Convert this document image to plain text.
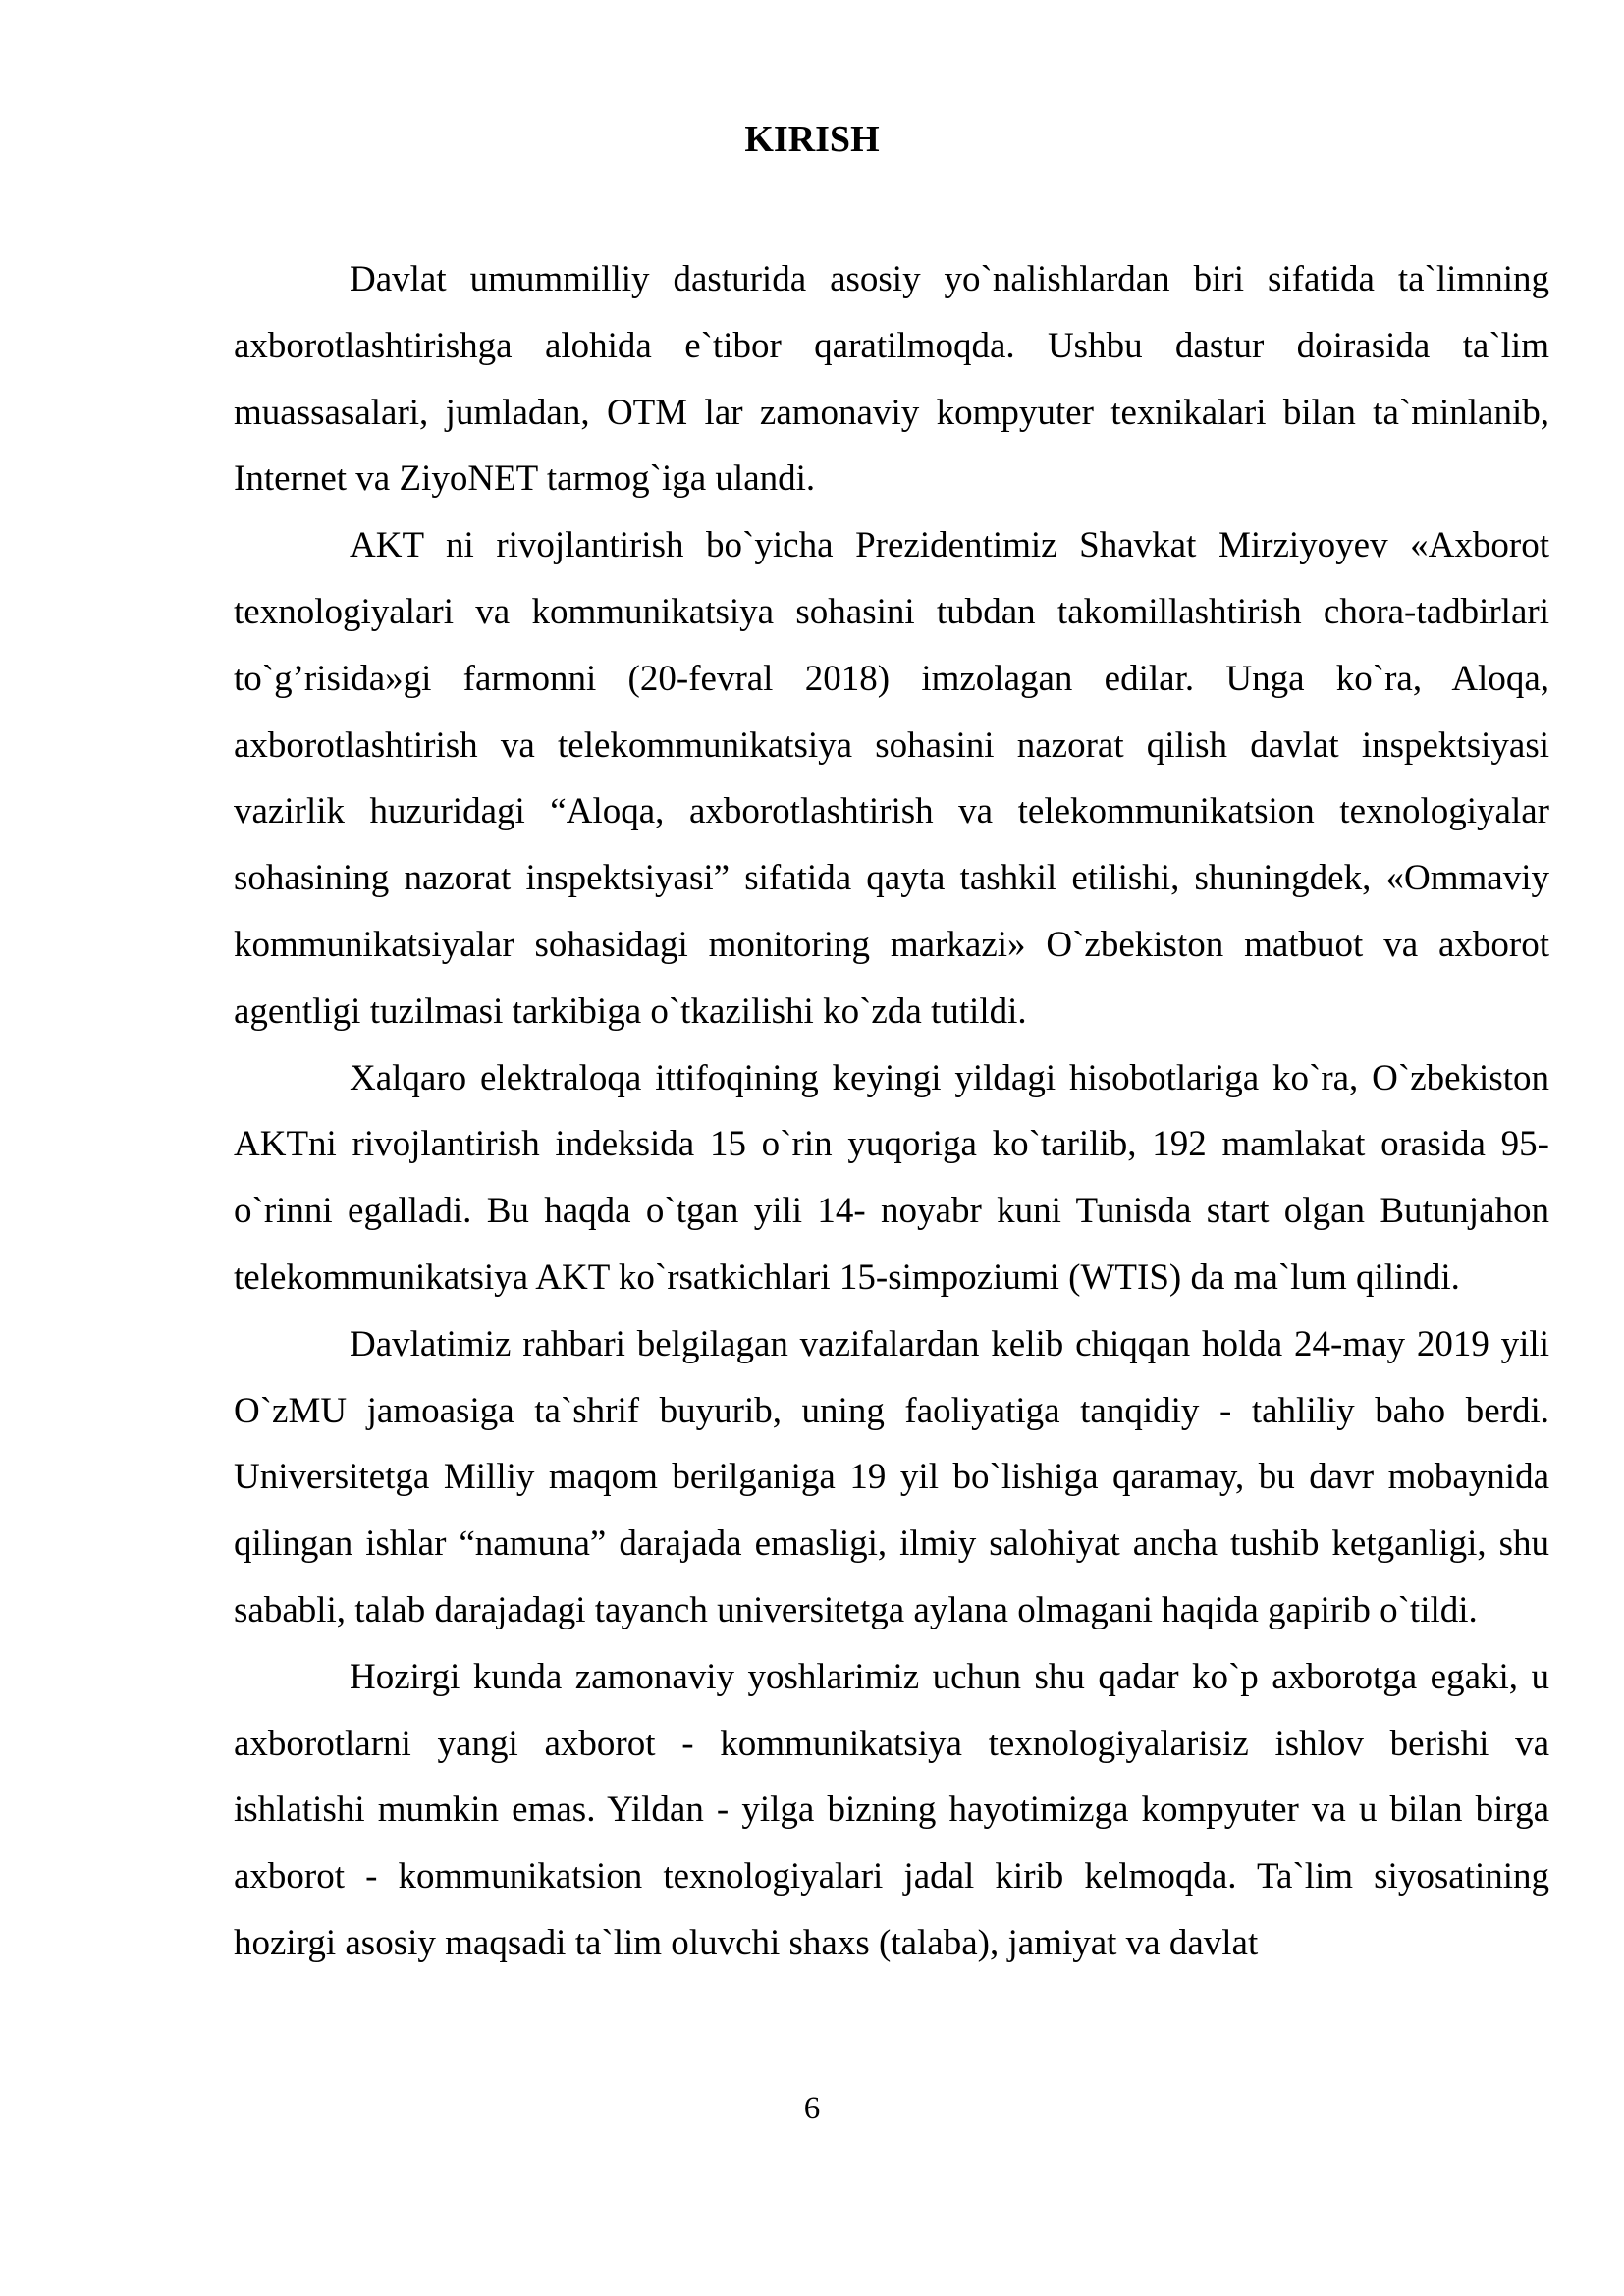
KIRISH

Davlat umummilliy dasturida asosiy yo`nalishlardan biri sifatida ta`limning axborotlashtirishga alohida e`tibor qaratilmoqda. Ushbu dastur doirasida ta`lim muassasalari, jumladan, OTM lar zamonaviy kompyuter texnikalari bilan ta`minlanib, Internet va ZiyoNET tarmog`iga ulandi.

AKT ni rivojlantirish bo`yicha Prezidentimiz Shavkat Mirziyoyev «Axborot texnologiyalari va kommunikatsiya sohasini tubdan takomillashtirish chora-tadbirlari to`g’risida»gi farmonni (20-fevral 2018) imzolagan edilar. Unga ko`ra, Aloqa, axborotlashtirish va telekommunikatsiya sohasini nazorat qilish davlat inspektsiyasi vazirlik huzuridagi “Aloqa, axborotlashtirish va telekommunikatsion texnologiyalar sohasining nazorat inspektsiyasi” sifatida qayta tashkil etilishi, shuningdek, «Ommaviy kommunikatsiyalar sohasidagi monitoring markazi» O`zbekiston matbuot va axborot agentligi tuzilmasi tarkibiga o`tkazilishi ko`zda tutildi.

Xalqaro elektraloqa ittifoqining keyingi yildagi hisobotlariga ko`ra, O`zbekiston AKTni rivojlantirish indeksida 15 o`rin yuqoriga ko`tarilib, 192 mamlakat orasida 95-o`rinni egalladi. Bu haqda o`tgan yili 14- noyabr kuni Tunisda start olgan Butunjahon telekommunikatsiya AKT ko`rsatkichlari 15-simpoziumi (WTIS) da ma`lum qilindi.

Davlatimiz rahbari belgilagan vazifalardan kelib chiqqan holda 24-may 2019 yili O`zMU jamoasiga ta`shrif buyurib, uning faoliyatiga tanqidiy - tahliliy baho berdi. Universitetga Milliy maqom berilganiga 19 yil bo`lishiga qaramay, bu davr mobaynida qilingan ishlar “namuna” darajada emasligi, ilmiy salohiyat ancha tushib ketganligi, shu sababli, talab darajadagi tayanch universitetga aylana olmagani haqida gapirib o`tildi.

Hozirgi kunda zamonaviy yoshlarimiz uchun shu qadar ko`p axborotga egaki, u axborotlarni yangi axborot - kommunikatsiya texnologiyalarisiz ishlov berishi va ishlatishi mumkin emas. Yildan - yilga bizning hayotimizga kompyuter va u bilan birga axborot - kommunikatsion texnologiyalari jadal kirib kelmoqda. Ta`lim siyosatining hozirgi asosiy maqsadi ta`lim oluvchi shaxs (talaba), jamiyat va davlat

6
